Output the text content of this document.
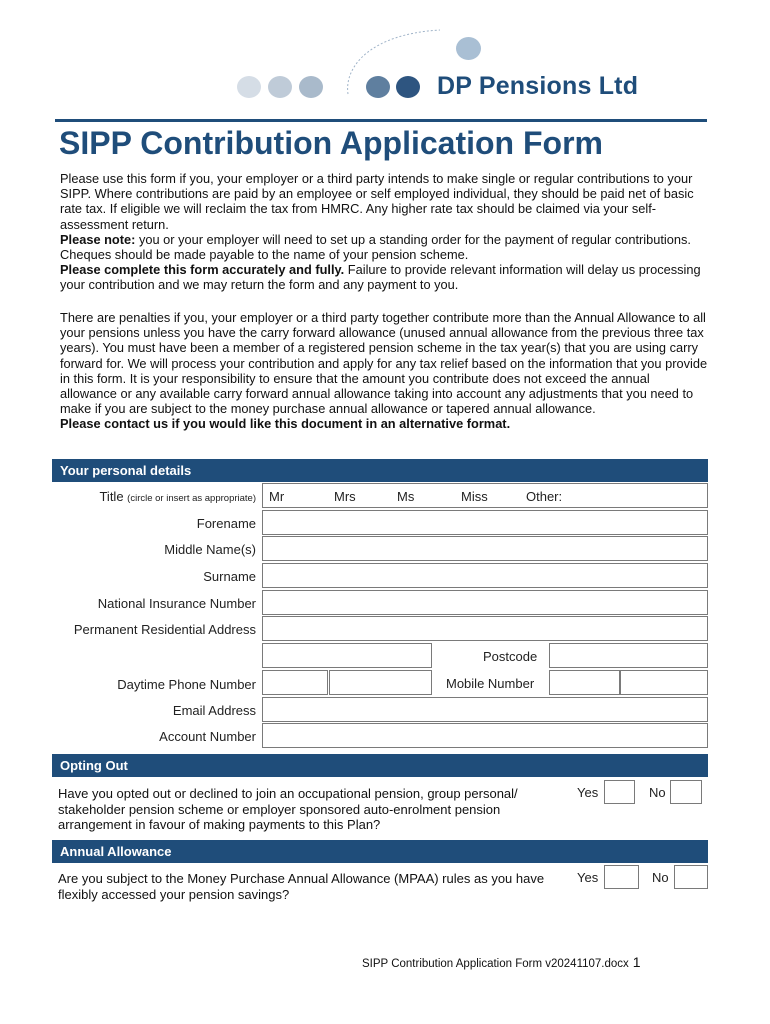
DP Pensions Ltd
SIPP Contribution Application Form

Please use this form if you, your employer or a third party intends to make single or regular contributions to your SIPP. Where contributions are paid by an employee or self employed individual, they should be paid net of basic rate tax. If eligible we will reclaim the tax from HMRC. Any higher rate tax should be claimed via your self-assessment return.
Please note: you or your employer will need to set up a standing order for the payment of regular contributions. Cheques should be made payable to the name of your pension scheme.
Please complete this form accurately and fully. Failure to provide relevant information will delay us processing your contribution and we may return the form and any payment to you.

There are penalties if you, your employer or a third party together contribute more than the Annual Allowance to all your pensions unless you have the carry forward allowance (unused annual allowance from the previous three tax years). You must have been a member of a registered pension scheme in the tax year(s) that you are using carry forward for. We will process your contribution and apply for any tax relief based on the information that you provide in this form. It is your responsibility to ensure that the amount you contribute does not exceed the annual allowance or any available carry forward annual allowance taking into account any adjustments that you need to make if you are subject to the money purchase annual allowance or tapered annual allowance.
Please contact us if you would like this document in an alternative format.

Your personal details
Title (circle or insert as appropriate) Mr	Mrs	Ms	Miss	Other:
Forename
Middle Name(s)
Surname
National Insurance Number
Permanent Residential Address
Postcode
Daytime Phone Number	Mobile Number
Email Address
Account Number
Opting Out
Have you opted out or declined to join an occupational pension, group personal/ stakeholder pension scheme or employer sponsored auto-enrolment pension arrangement in favour of making payments to this Plan?
Yes	No
Annual Allowance
Are you subject to the Money Purchase Annual Allowance (MPAA) rules as you have flexibly accessed your pension savings?
Yes	No
SIPP Contribution Application Form v20241107.docx 1
